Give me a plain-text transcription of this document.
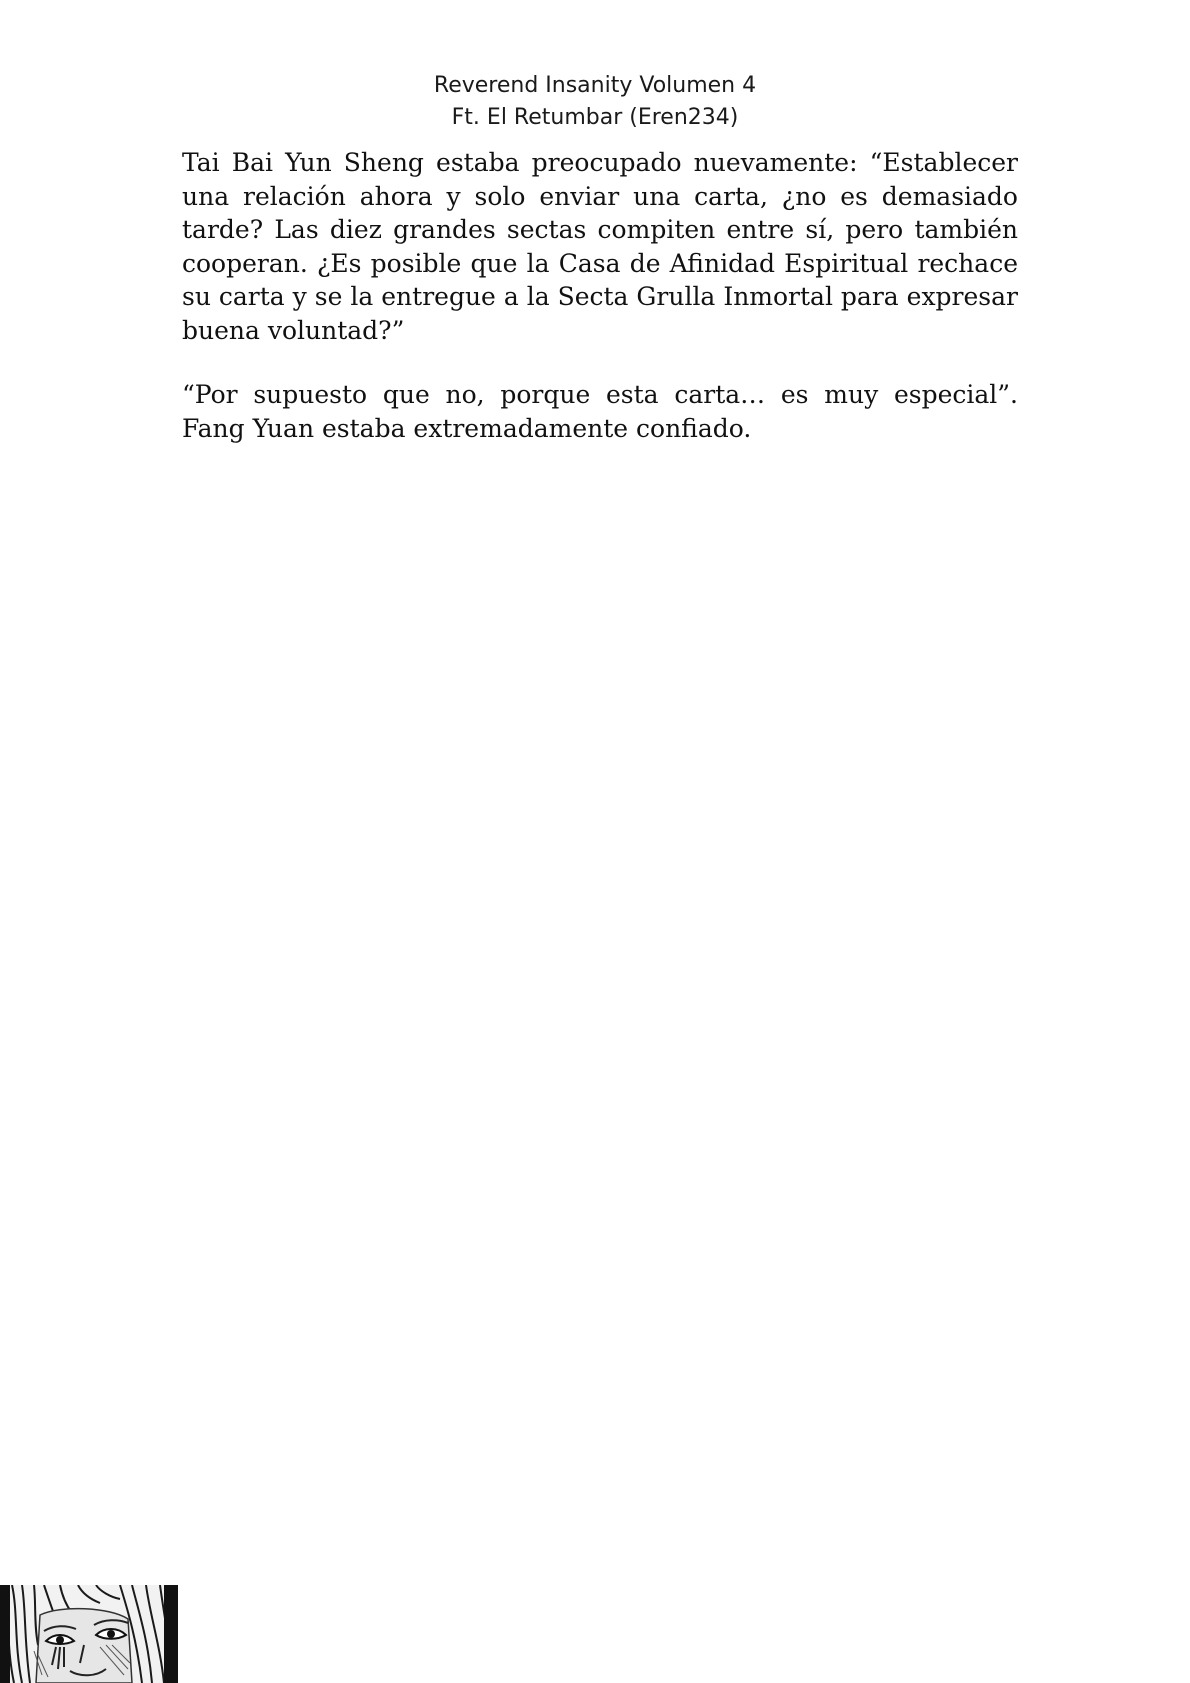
Reverend Insanity Volumen 4
Ft. El Retumbar (Eren234)

Tai Bai Yun Sheng estaba preocupado nuevamente: “Establecer una relación ahora y solo enviar una carta, ¿no es demasiado tarde? Las diez grandes sectas compiten entre sí, pero también cooperan. ¿Es posible que la Casa de Afinidad Espiritual rechace su carta y se la entregue a la Secta Grulla Inmortal para expresar buena voluntad?”

“Por supuesto que no, porque esta carta… es muy especial”. Fang Yuan estaba extremadamente confiado.
